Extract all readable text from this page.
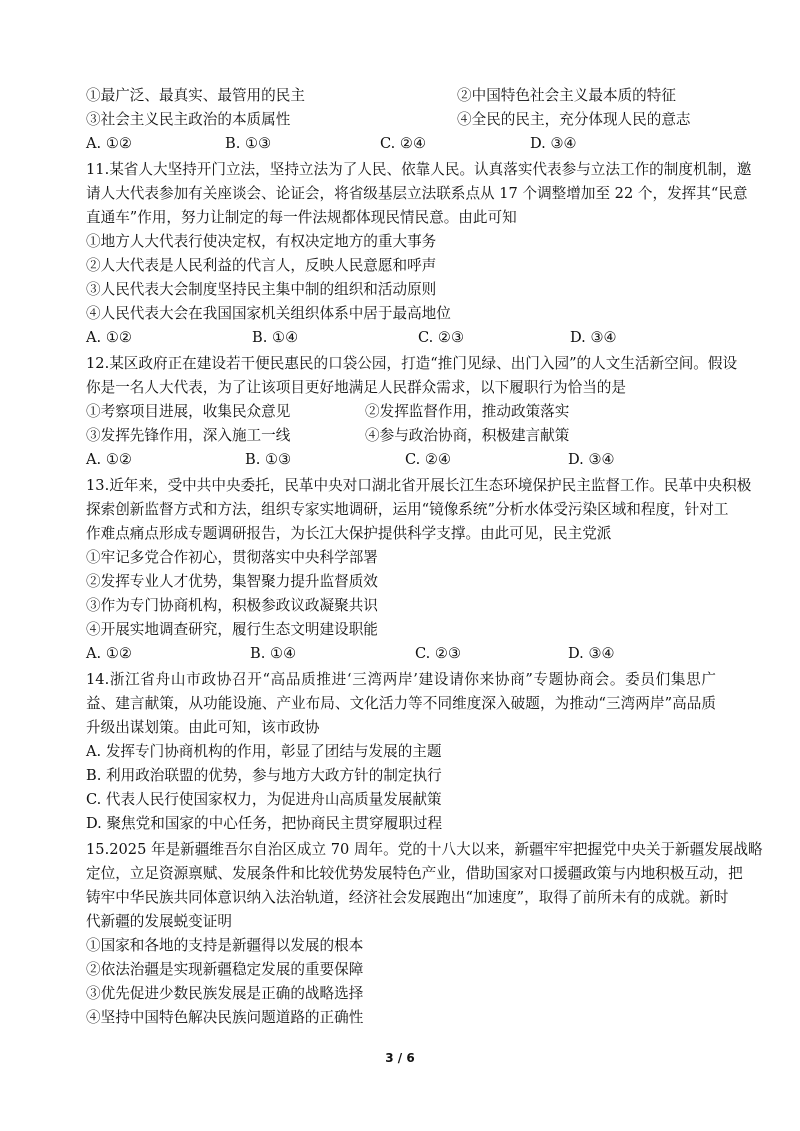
①最广泛、最真实、最管用的民主	②中国特色社会主义最本质的特征
③社会主义民主政治的本质属性	④全民的民主，充分体现人民的意志
A. ①②	B. ①③	C. ②④	D. ③④
11.某省人大坚持开门立法，坚持立法为了人民、依靠人民。认真落实代表参与立法工作的制度机制，邀
请人大代表参加有关座谈会、论证会，将省级基层立法联系点从 17 个调整增加至 22 个，发挥其“民意
直通车”作用，努力让制定的每一件法规都体现民情民意。由此可知
①地方人大代表行使决定权，有权决定地方的重大事务
②人大代表是人民利益的代言人，反映人民意愿和呼声
③人民代表大会制度坚持民主集中制的组织和活动原则
④人民代表大会在我国国家机关组织体系中居于最高地位
A. ①②	B. ①④	C. ②③	D. ③④
12.某区政府正在建设若干便民惠民的口袋公园，打造“推门见绿、出门入园”的人文生活新空间。假设
你是一名人大代表，为了让该项目更好地满足人民群众需求，以下履职行为恰当的是
①考察项目进展，收集民众意见	②发挥监督作用，推动政策落实
③发挥先锋作用，深入施工一线	④参与政治协商，积极建言献策
A. ①②	B. ①③	C. ②④	D. ③④
13.近年来，受中共中央委托，民革中央对口湖北省开展长江生态环境保护民主监督工作。民革中央积极
探索创新监督方式和方法，组织专家实地调研，运用“镜像系统”分析水体受污染区域和程度，针对工
作难点痛点形成专题调研报告，为长江大保护提供科学支撑。由此可见，民主党派
①牢记多党合作初心，贯彻落实中央科学部署
②发挥专业人才优势，集智聚力提升监督质效
③作为专门协商机构，积极参政议政凝聚共识
④开展实地调查研究，履行生态文明建设职能
A. ①②	B. ①④	C. ②③	D. ③④
14.浙江省舟山市政协召开“高品质推进‘三湾两岸’建设请你来协商”专题协商会。委员们集思广
益、建言献策，从功能设施、产业布局、文化活力等不同维度深入破题，为推动“三湾两岸”高品质
升级出谋划策。由此可知，该市政协
A. 发挥专门协商机构的作用，彰显了团结与发展的主题
B. 利用政治联盟的优势，参与地方大政方针的制定执行
C. 代表人民行使国家权力，为促进舟山高质量发展献策
D. 聚焦党和国家的中心任务，把协商民主贯穿履职过程
15.2025 年是新疆维吾尔自治区成立 70 周年。党的十八大以来，新疆牢牢把握党中央关于新疆发展战略
定位，立足资源禀赋、发展条件和比较优势发展特色产业，借助国家对口援疆政策与内地积极互动，把
铸牢中华民族共同体意识纳入法治轨道，经济社会发展跑出“加速度”，取得了前所未有的成就。新时
代新疆的发展蜕变证明
①国家和各地的支持是新疆得以发展的根本
②依法治疆是实现新疆稳定发展的重要保障
③优先促进少数民族发展是正确的战略选择
④坚持中国特色解决民族问题道路的正确性
3 / 6
